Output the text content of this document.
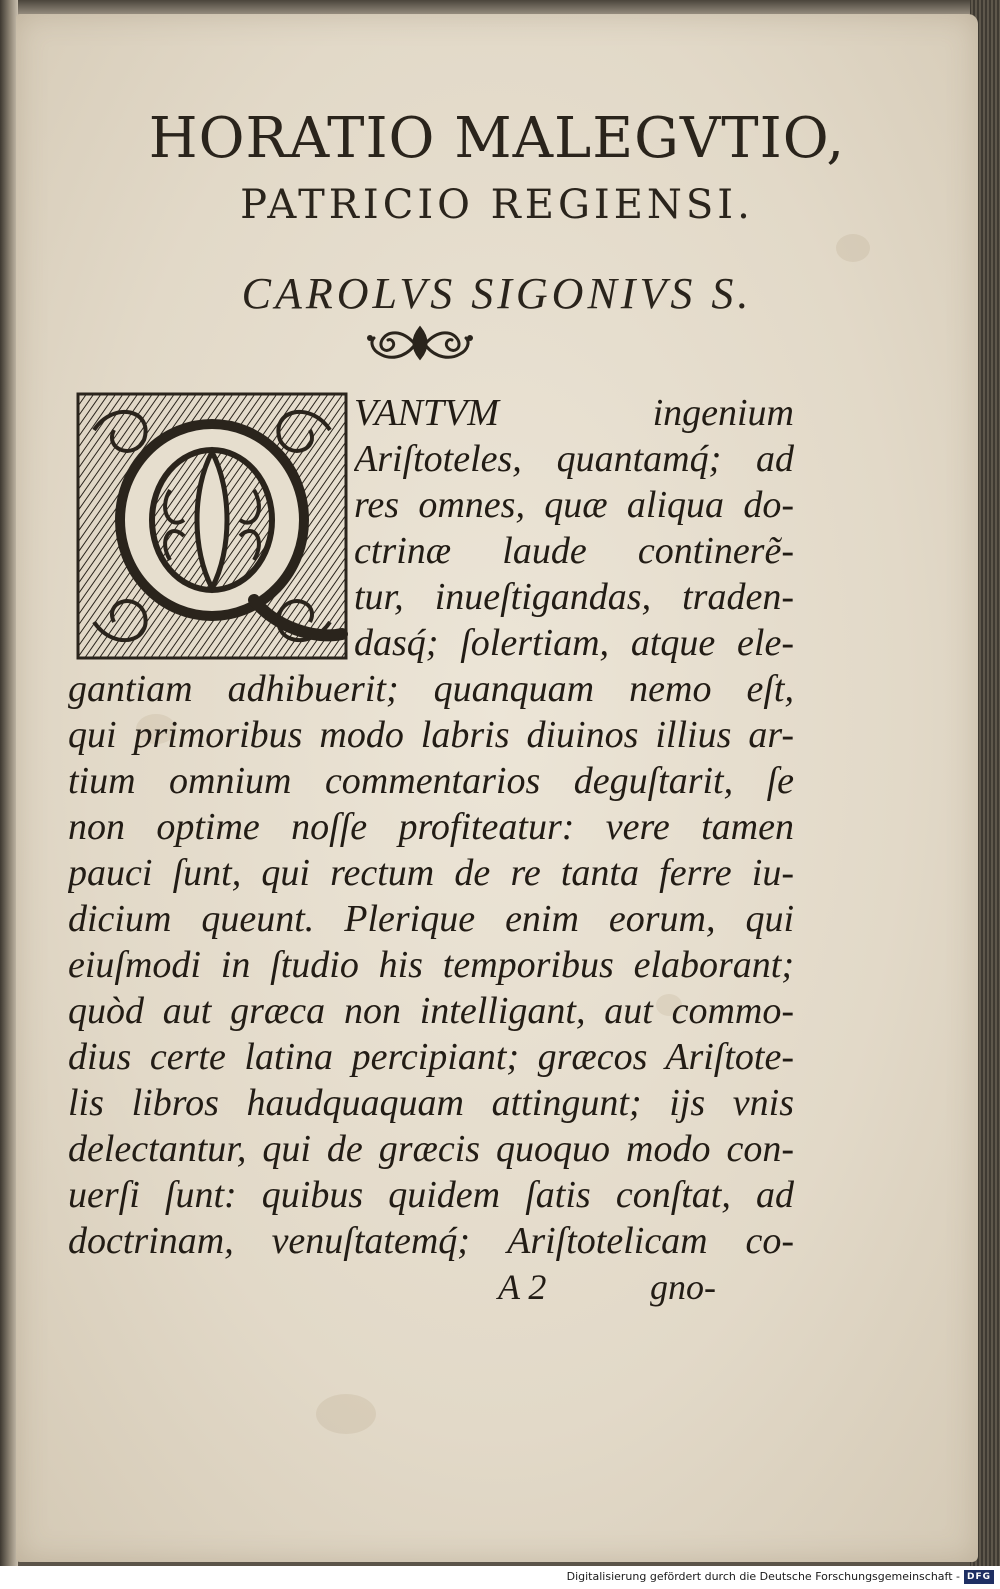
HORATIO MALEGVTIO,
PATRICIO REGIENSI.
CAROLVS SIGONIVS S.
VANTVM ingenium
Ariſtoteles, quantamq́; ad
res omnes, quæ aliqua do-
ctrinæ laude continerẽ-
tur, inueſtigandas, traden-
dasq́; ſolertiam, atque ele-
gantiam adhibuerit; quanquam nemo eſt,
qui primoribus modo labris diuinos illius ar-
tium omnium commentarios deguſtarit, ſe
non optime noſſe profiteatur: vere tamen
pauci ſunt, qui rectum de re tanta ferre iu-
dicium queunt. Plerique enim eorum, qui
eiuſmodi in ſtudio his temporibus elaborant;
quòd aut græca non intelligant, aut commo-
dius certe latina percipiant; græcos Ariſtote-
lis libros haudquaquam attingunt; ijs vnis
delectantur, qui de græcis quoquo modo con-
uerſi ſunt: quibus quidem ſatis conſtat, ad
doctrinam, venuſtatemq́; Ariſtotelicam co-
A 2	gno-
Digitalisierung gefördert durch die Deutsche Forschungsgemeinschaft - DFG
